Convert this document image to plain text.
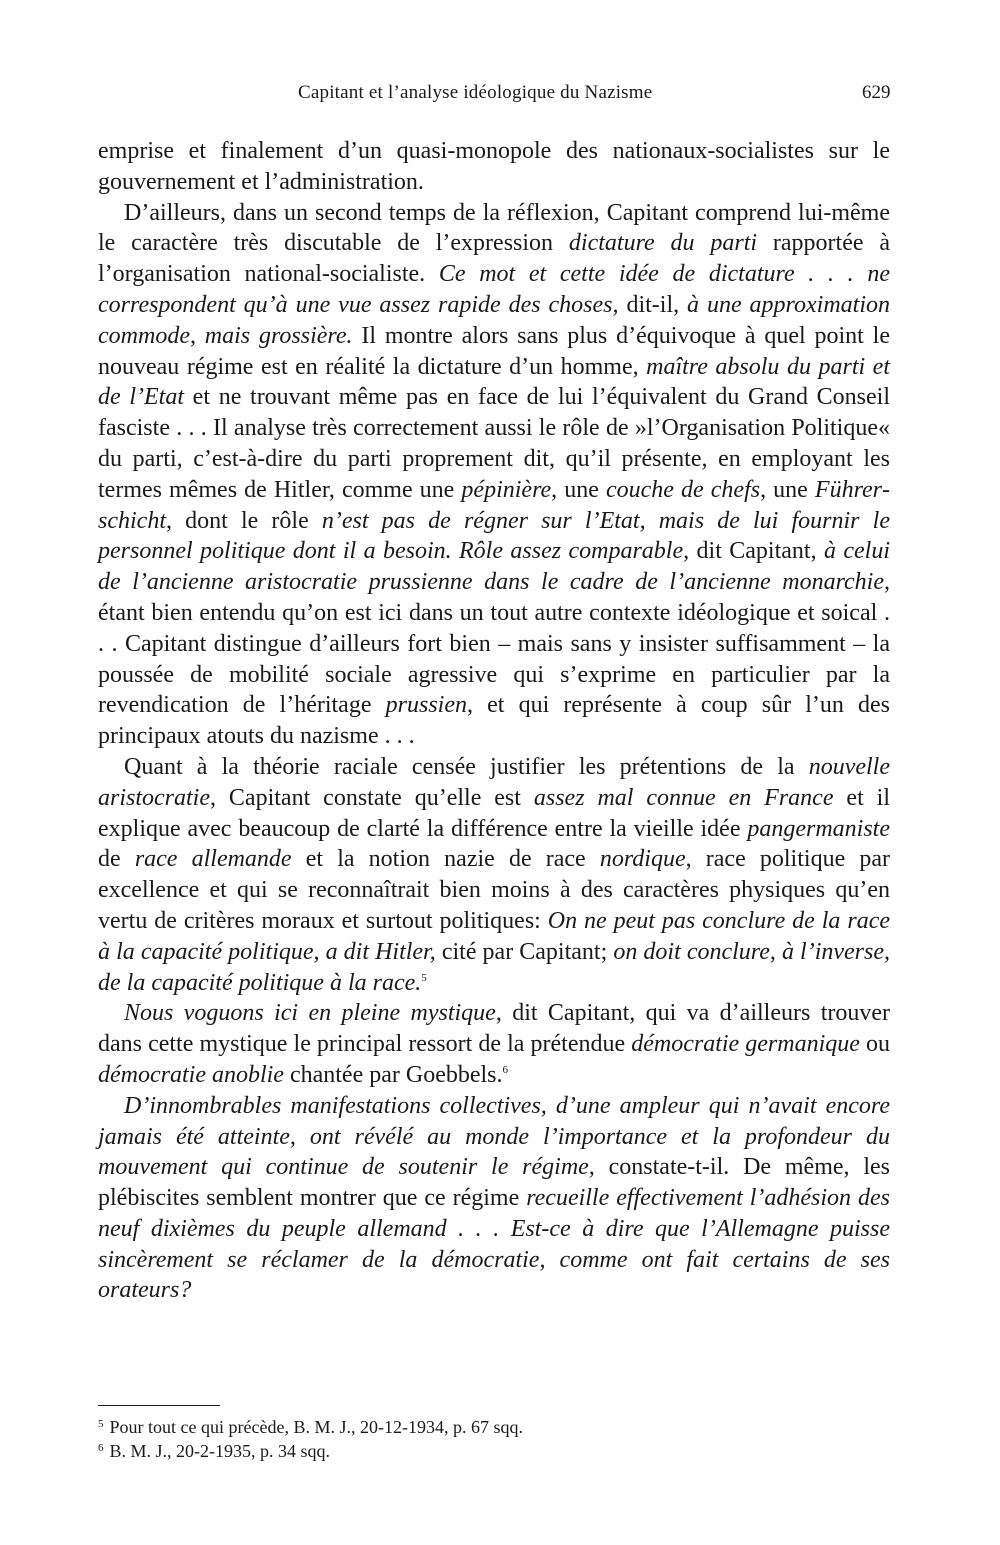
Capitant et l’analyse idéologique du Nazisme	629

emprise et finalement d’un quasi-monopole des nationaux-socialistes sur le gouvernement et l’administration.

D’ailleurs, dans un second temps de la réflexion, Capitant comprend lui-même le caractère très discutable de l’expression dictature du parti rapportée à l’organisation national-socialiste. Ce mot et cette idée de dictature . . . ne correspondent qu’à une vue assez rapide des choses, dit-il, à une approximation commode, mais grossière. Il montre alors sans plus d’équivoque à quel point le nouveau régime est en réalité la dictature d’un homme, maître absolu du parti et de l’Etat et ne trouvant même pas en face de lui l’équivalent du Grand Conseil fasciste . . . Il analyse très correctement aussi le rôle de »l’Organisation Politique« du parti, c’est-à-dire du parti proprement dit, qu’il présente, en employant les termes mêmes de Hitler, comme une pépinière, une couche de chefs, une Führerschicht, dont le rôle n’est pas de régner sur l’Etat, mais de lui fournir le personnel politique dont il a besoin. Rôle assez comparable, dit Capitant, à celui de l’ancienne aristocratie prussienne dans le cadre de l’ancienne monarchie, étant bien entendu qu’on est ici dans un tout autre contexte idéologique et soical . . . Capitant distingue d’ailleurs fort bien – mais sans y insister suffisamment – la poussée de mobilité sociale agressive qui s’exprime en particulier par la revendication de l’héritage prussien, et qui représente à coup sûr l’un des principaux atouts du nazisme . . .

Quant à la théorie raciale censée justifier les prétentions de la nouvelle aristocratie, Capitant constate qu’elle est assez mal connue en France et il explique avec beaucoup de clarté la différence entre la vieille idée pangermaniste de race allemande et la notion nazie de race nordique, race politique par excellence et qui se reconnaîtrait bien moins à des caractères physiques qu’en vertu de critères moraux et surtout politiques: On ne peut pas conclure de la race à la capacité politique, a dit Hitler, cité par Capitant; on doit conclure, à l’inverse, de la capacité politique à la race.$^5$

Nous voguons ici en pleine mystique, dit Capitant, qui va d’ailleurs trouver dans cette mystique le principal ressort de la prétendue démocratie germanique ou démocratie anoblie chantée par Goebbels.$^6$

D’innombrables manifestations collectives, d’une ampleur qui n’avait encore jamais été atteinte, ont révélé au monde l’importance et la profondeur du mouvement qui continue de soutenir le régime, constate-t-il. De même, les plébiscites semblent montrer que ce régime recueille effectivement l’adhésion des neuf dixièmes du peuple allemand . . . Est-ce à dire que l’Allemagne puisse sincèrement se réclamer de la démocratie, comme ont fait certains de ses orateurs?

$^5$ Pour tout ce qui précède, B. M. J., 20-12-1934, p. 67 sqq.

$^6$ B. M. J., 20-2-1935, p. 34 sqq.
